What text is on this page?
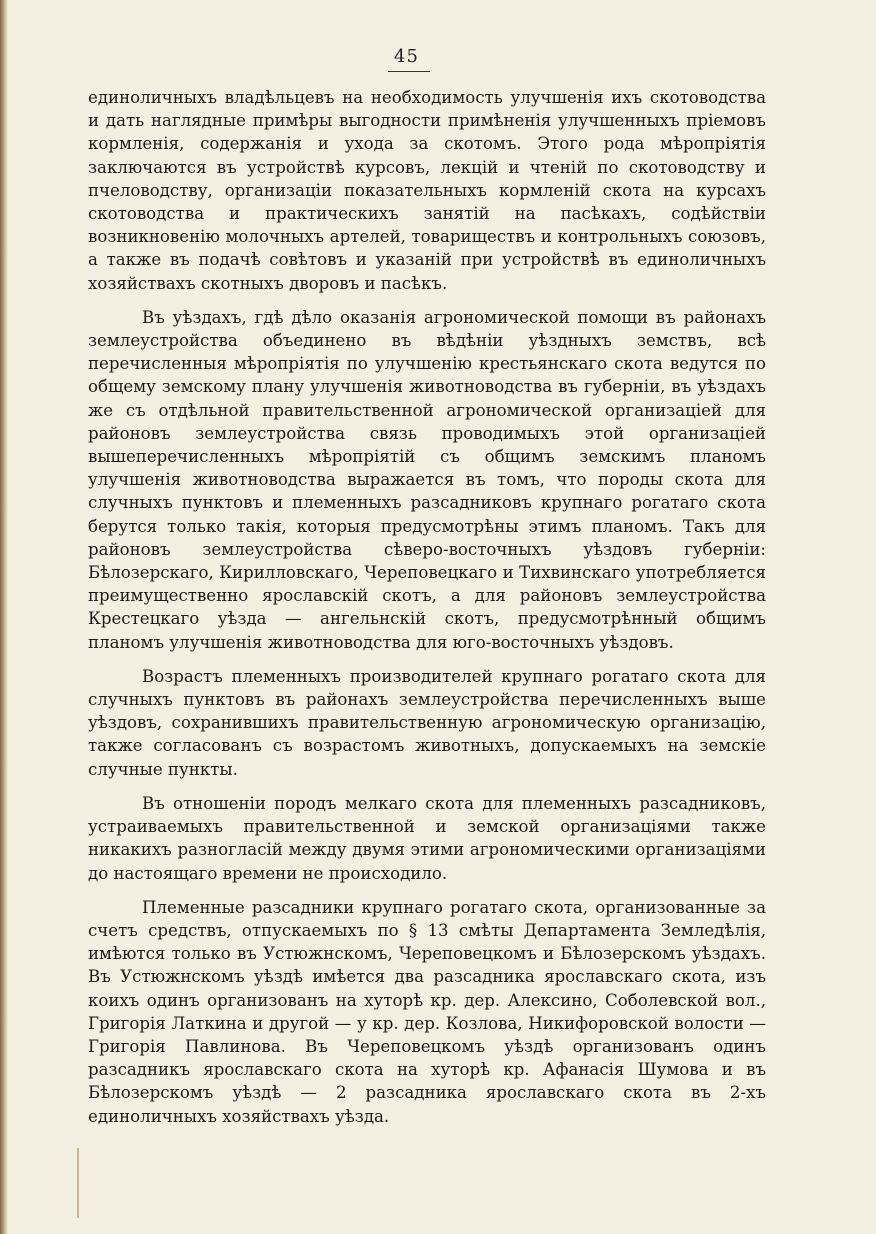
45

единоличныхъ владѣльцевъ на необходимость улучшенія ихъ скотоводства и дать наглядные примѣры выгодности примѣненія улучшенныхъ пріемовъ кормленія, содержанія и ухода за скотомъ. Этого рода мѣропріятія заключаются въ устройствѣ курсовъ, лекцій и чтеній по скотоводству и пчеловодству, организаціи показательныхъ кормленій скота на курсахъ скотоводства и практическихъ занятій на пасѣкахъ, содѣйствіи возникновенію молочныхъ артелей, товариществъ и контрольныхъ союзовъ, а также въ подачѣ совѣтовъ и указаній при устройствѣ въ единоличныхъ хозяйствахъ скотныхъ дворовъ и пасѣкъ.

Въ уѣздахъ, гдѣ дѣло оказанія агрономической помощи въ районахъ землеустройства объединено въ вѣдѣніи уѣздныхъ земствъ, всѣ перечисленныя мѣропріятія по улучшенію крестьянскаго скота ведутся по общему земскому плану улучшенія животноводства въ губерніи, въ уѣздахъ же съ отдѣльной правительственной агрономической организаціей для районовъ землеустройства связь проводимыхъ этой организаціей вышеперечисленныхъ мѣропріятій съ общимъ земскимъ планомъ улучшенія животноводства выражается въ томъ, что породы скота для случныхъ пунктовъ и племенныхъ разсадниковъ крупнаго рогатаго скота берутся только такія, которыя предусмотрѣны этимъ планомъ. Такъ для районовъ землеустройства сѣверо-восточныхъ уѣздовъ губерніи: Бѣлозерскаго, Кирилловскаго, Череповецкаго и Тихвинскаго употребляется преимущественно ярославскій скотъ, а для районовъ землеустройства Крестецкаго уѣзда — ангельнскій скотъ, предусмотрѣнный общимъ планомъ улучшенія животноводства для юго-восточныхъ уѣздовъ.

Возрастъ племенныхъ производителей крупнаго рогатаго скота для случныхъ пунктовъ въ районахъ землеустройства перечисленныхъ выше уѣздовъ, сохранившихъ правительственную агрономическую организацію, также согласованъ съ возрастомъ животныхъ, допускаемыхъ на земскіе случные пункты.

Въ отношеніи породъ мелкаго скота для племенныхъ разсадниковъ, устраиваемыхъ правительственной и земской организаціями также никакихъ разногласій между двумя этими агрономическими организаціями до настоящаго времени не происходило.

Племенные разсадники крупнаго рогатаго скота, организованные за счетъ средствъ, отпускаемыхъ по § 13 смѣты Департамента Земледѣлія, имѣются только въ Устюжнскомъ, Череповецкомъ и Бѣлозерскомъ уѣздахъ. Въ Устюжнскомъ уѣздѣ имѣется два разсадника ярославскаго скота, изъ коихъ одинъ организованъ на хуторѣ кр. дер. Алексино, Соболевской вол., Григорія Латкина и другой — у кр. дер. Козлова, Никифоровской волости — Григорія Павлинова. Въ Череповецкомъ уѣздѣ организованъ одинъ разсадникъ ярославскаго скота на хуторѣ кр. Афанасія Шумова и въ Бѣлозерскомъ уѣздѣ — 2 разсадника ярославскаго скота въ 2-хъ единоличныхъ хозяйствахъ уѣзда.
